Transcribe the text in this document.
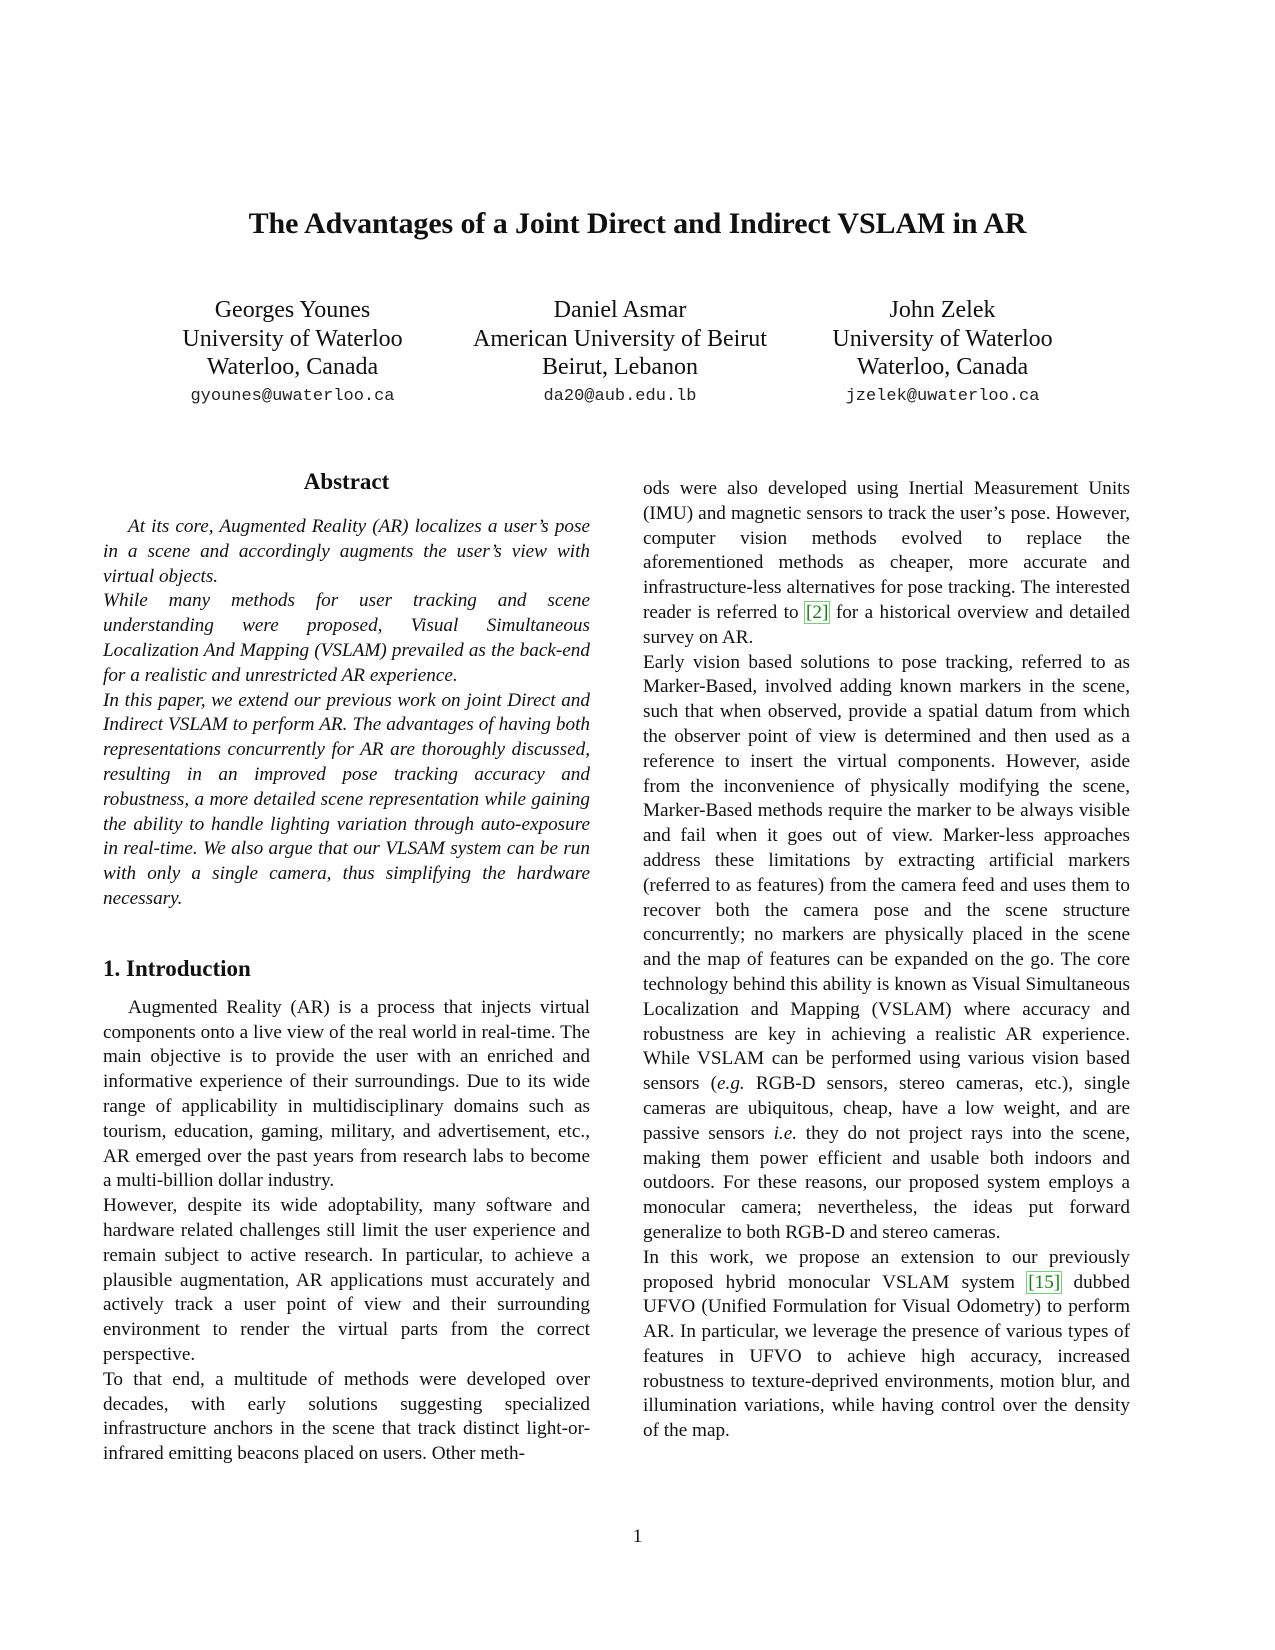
The Advantages of a Joint Direct and Indirect VSLAM in AR
Georges Younes
University of Waterloo
Waterloo, Canada
gyounes@uwaterloo.ca
Daniel Asmar
American University of Beirut
Beirut, Lebanon
da20@aub.edu.lb
John Zelek
University of Waterloo
Waterloo, Canada
jzelek@uwaterloo.ca
Abstract

At its core, Augmented Reality (AR) localizes a user’s pose in a scene and accordingly augments the user’s view with virtual objects.

While many methods for user tracking and scene understanding were proposed, Visual Simultaneous Localization And Mapping (VSLAM) prevailed as the back-end for a realistic and unrestricted AR experience.

In this paper, we extend our previous work on joint Direct and Indirect VSLAM to perform AR. The advantages of having both representations concurrently for AR are thoroughly discussed, resulting in an improved pose tracking accuracy and robustness, a more detailed scene representation while gaining the ability to handle lighting variation through auto-exposure in real-time. We also argue that our VLSAM system can be run with only a single camera, thus simplifying the hardware necessary.

1. Introduction

Augmented Reality (AR) is a process that injects virtual components onto a live view of the real world in real-time. The main objective is to provide the user with an enriched and informative experience of their surroundings. Due to its wide range of applicability in multidisciplinary domains such as tourism, education, gaming, military, and advertisement, etc., AR emerged over the past years from research labs to become a multi-billion dollar industry.

However, despite its wide adoptability, many software and hardware related challenges still limit the user experience and remain subject to active research. In particular, to achieve a plausible augmentation, AR applications must accurately and actively track a user point of view and their surrounding environment to render the virtual parts from the correct perspective.

To that end, a multitude of methods were developed over decades, with early solutions suggesting specialized infrastructure anchors in the scene that track distinct light-or-infrared emitting beacons placed on users. Other meth-

ods were also developed using Inertial Measurement Units (IMU) and magnetic sensors to track the user’s pose. However, computer vision methods evolved to replace the aforementioned methods as cheaper, more accurate and infrastructure-less alternatives for pose tracking. The interested reader is referred to [2] for a historical overview and detailed survey on AR.

Early vision based solutions to pose tracking, referred to as Marker-Based, involved adding known markers in the scene, such that when observed, provide a spatial datum from which the observer point of view is determined and then used as a reference to insert the virtual components. However, aside from the inconvenience of physically modifying the scene, Marker-Based methods require the marker to be always visible and fail when it goes out of view. Marker-less approaches address these limitations by extracting artificial markers (referred to as features) from the camera feed and uses them to recover both the camera pose and the scene structure concurrently; no markers are physically placed in the scene and the map of features can be expanded on the go. The core technology behind this ability is known as Visual Simultaneous Localization and Mapping (VSLAM) where accuracy and robustness are key in achieving a realistic AR experience. While VSLAM can be performed using various vision based sensors (e.g. RGB-D sensors, stereo cameras, etc.), single cameras are ubiquitous, cheap, have a low weight, and are passive sensors i.e. they do not project rays into the scene, making them power efficient and usable both indoors and outdoors. For these reasons, our proposed system employs a monocular camera; nevertheless, the ideas put forward generalize to both RGB-D and stereo cameras.

In this work, we propose an extension to our previously proposed hybrid monocular VSLAM system [15] dubbed UFVO (Unified Formulation for Visual Odometry) to perform AR. In particular, we leverage the presence of various types of features in UFVO to achieve high accuracy, increased robustness to texture-deprived environments, motion blur, and illumination variations, while having control over the density of the map.

1
